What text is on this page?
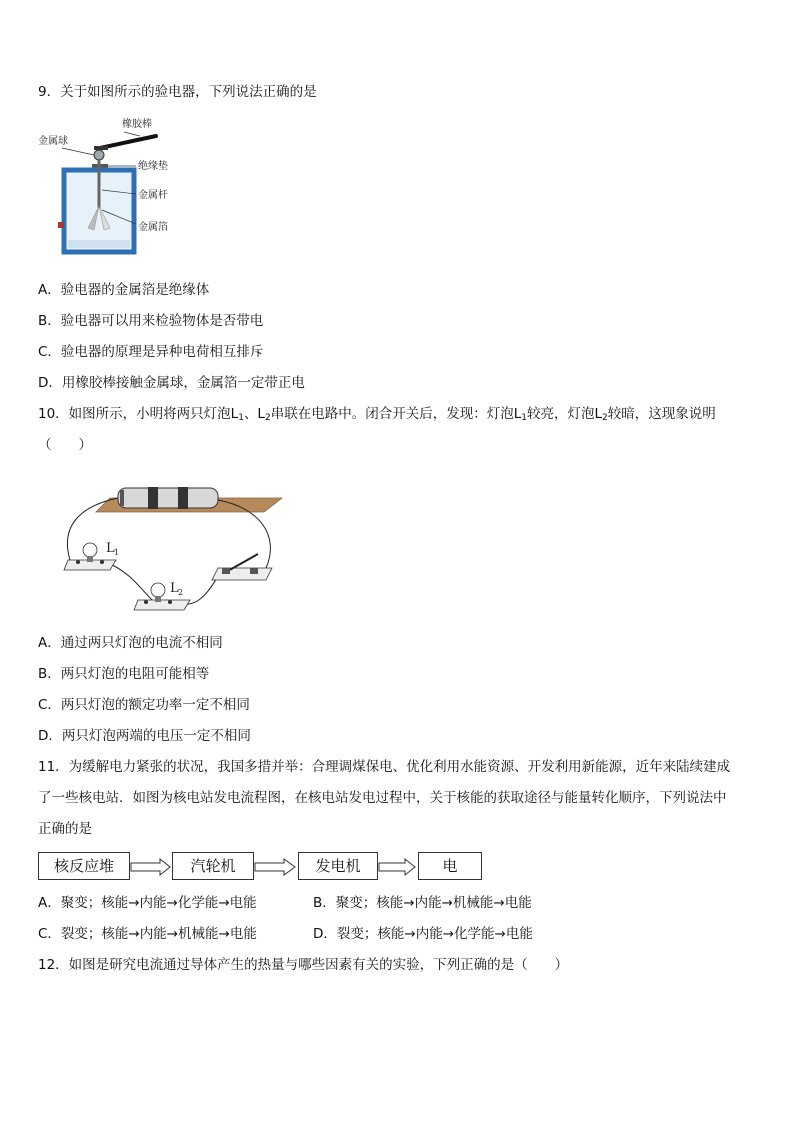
9．关于如图所示的验电器，下列说法正确的是
橡胶棒
金属球
绝缘垫
金属杆
金属箔
A．验电器的金属箔是绝缘体
B．验电器可以用来检验物体是否带电
C．验电器的原理是异种电荷相互排斥
D．用橡胶棒接触金属球，金属箔一定带正电
10．如图所示，小明将两只灯泡$L_1$、$L_2$串联在电路中。闭合开关后，发现：灯泡$L_1$较亮，灯泡$L_2$较暗，这现象说明
（　　）
L 1
L 2
A．通过两只灯泡的电流不相同
B．两只灯泡的电阻可能相等
C．两只灯泡的额定功率一定不相同
D．两只灯泡两端的电压一定不相同
11．为缓解电力紧张的状况，我国多措并举：合理调煤保电、优化利用水能资源、开发利用新能源，近年来陆续建成
了一些核电站．如图为核电站发电流程图，在核电站发电过程中，关于核能的获取途径与能量转化顺序，下列说法中
正确的是
核反应堆	汽轮机	发电机	电
A．聚变；核能→内能→化学能→电能	B．聚变；核能→内能→机械能→电能
C．裂变；核能→内能→机械能→电能	D．裂变；核能→内能→化学能→电能
12．如图是研究电流通过导体产生的热量与哪些因素有关的实验，下列正确的是（　　）
